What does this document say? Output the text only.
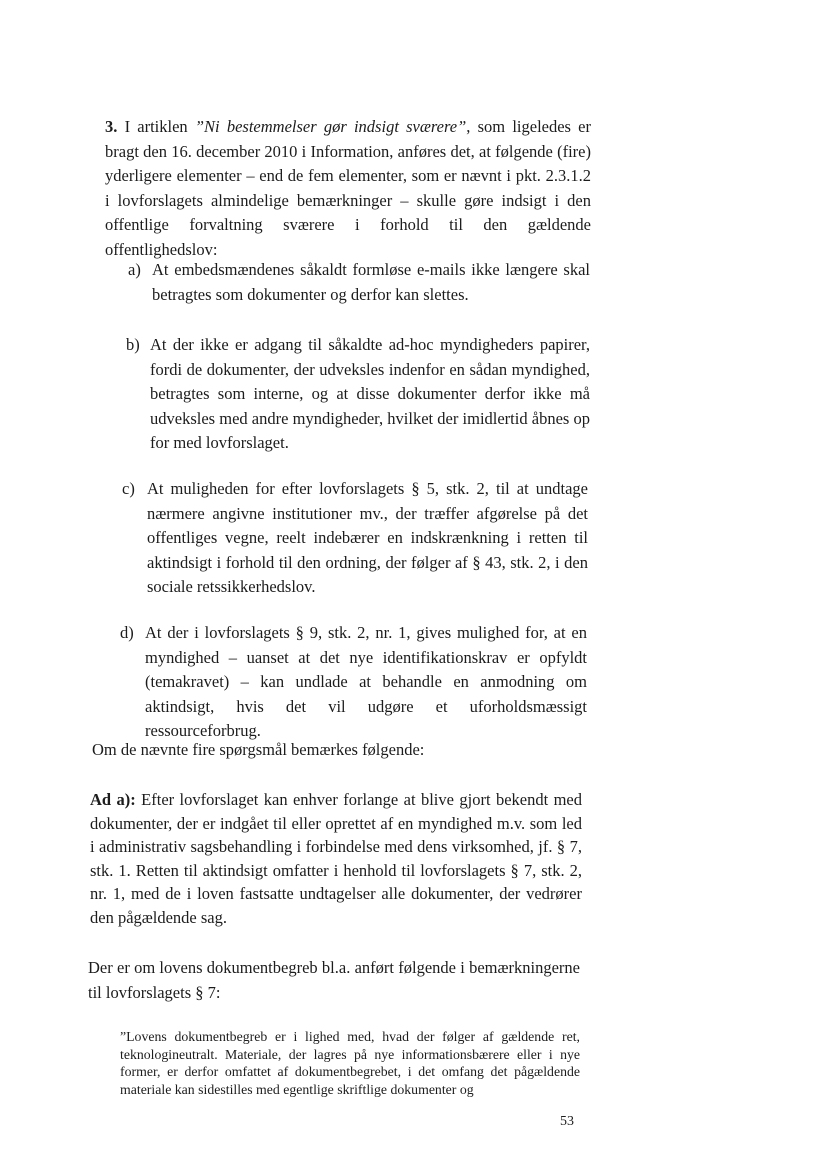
3. I artiklen ”Ni bestemmelser gør indsigt sværere”, som ligeledes er bragt den 16. december 2010 i Information, anføres det, at følgende (fire) yderligere elementer – end de fem elementer, som er nævnt i pkt. 2.3.1.2 i lovforslagets almindelige bemærkninger – skulle gøre indsigt i den offentlige forvaltning sværere i forhold til den gældende offentlighedslov:
a) At embedsmændenes såkaldt formløse e-mails ikke længere skal betragtes som dokumenter og derfor kan slettes.
b) At der ikke er adgang til såkaldte ad-hoc myndigheders papirer, fordi de dokumenter, der udveksles indenfor en sådan myndighed, betragtes som interne, og at disse dokumenter derfor ikke må udveksles med andre myndigheder, hvilket der imidlertid åbnes op for med lovforslaget.
c) At muligheden for efter lovforslagets § 5, stk. 2, til at undtage nærmere angivne institutioner mv., der træffer afgørelse på det offentliges vegne, reelt indebærer en indskrænkning i retten til aktindsigt i forhold til den ordning, der følger af § 43, stk. 2, i den sociale retssikkerhedslov.
d) At der i lovforslagets § 9, stk. 2, nr. 1, gives mulighed for, at en myndighed – uanset at det nye identifikationskrav er opfyldt (temakravet) – kan undlade at behandle en anmodning om aktindsigt, hvis det vil udgøre et uforholdsmæssigt ressourceforbrug.
Om de nævnte fire spørgsmål bemærkes følgende:
Ad a): Efter lovforslaget kan enhver forlange at blive gjort bekendt med dokumenter, der er indgået til eller oprettet af en myndighed m.v. som led i administrativ sagsbehandling i forbindelse med dens virksomhed, jf. § 7, stk. 1. Retten til aktindsigt omfatter i henhold til lovforslagets § 7, stk. 2, nr. 1, med de i loven fastsatte undtagelser alle dokumenter, der vedrører den pågældende sag.
Der er om lovens dokumentbegreb bl.a. anført følgende i bemærkningerne til lovforslagets § 7:
”Lovens dokumentbegreb er i lighed med, hvad der følger af gældende ret, teknologineutralt. Materiale, der lagres på nye informationsbærere eller i nye former, er derfor omfattet af dokumentbegrebet, i det omfang det pågældende materiale kan sidestilles med egentlige skriftlige dokumenter og
53
